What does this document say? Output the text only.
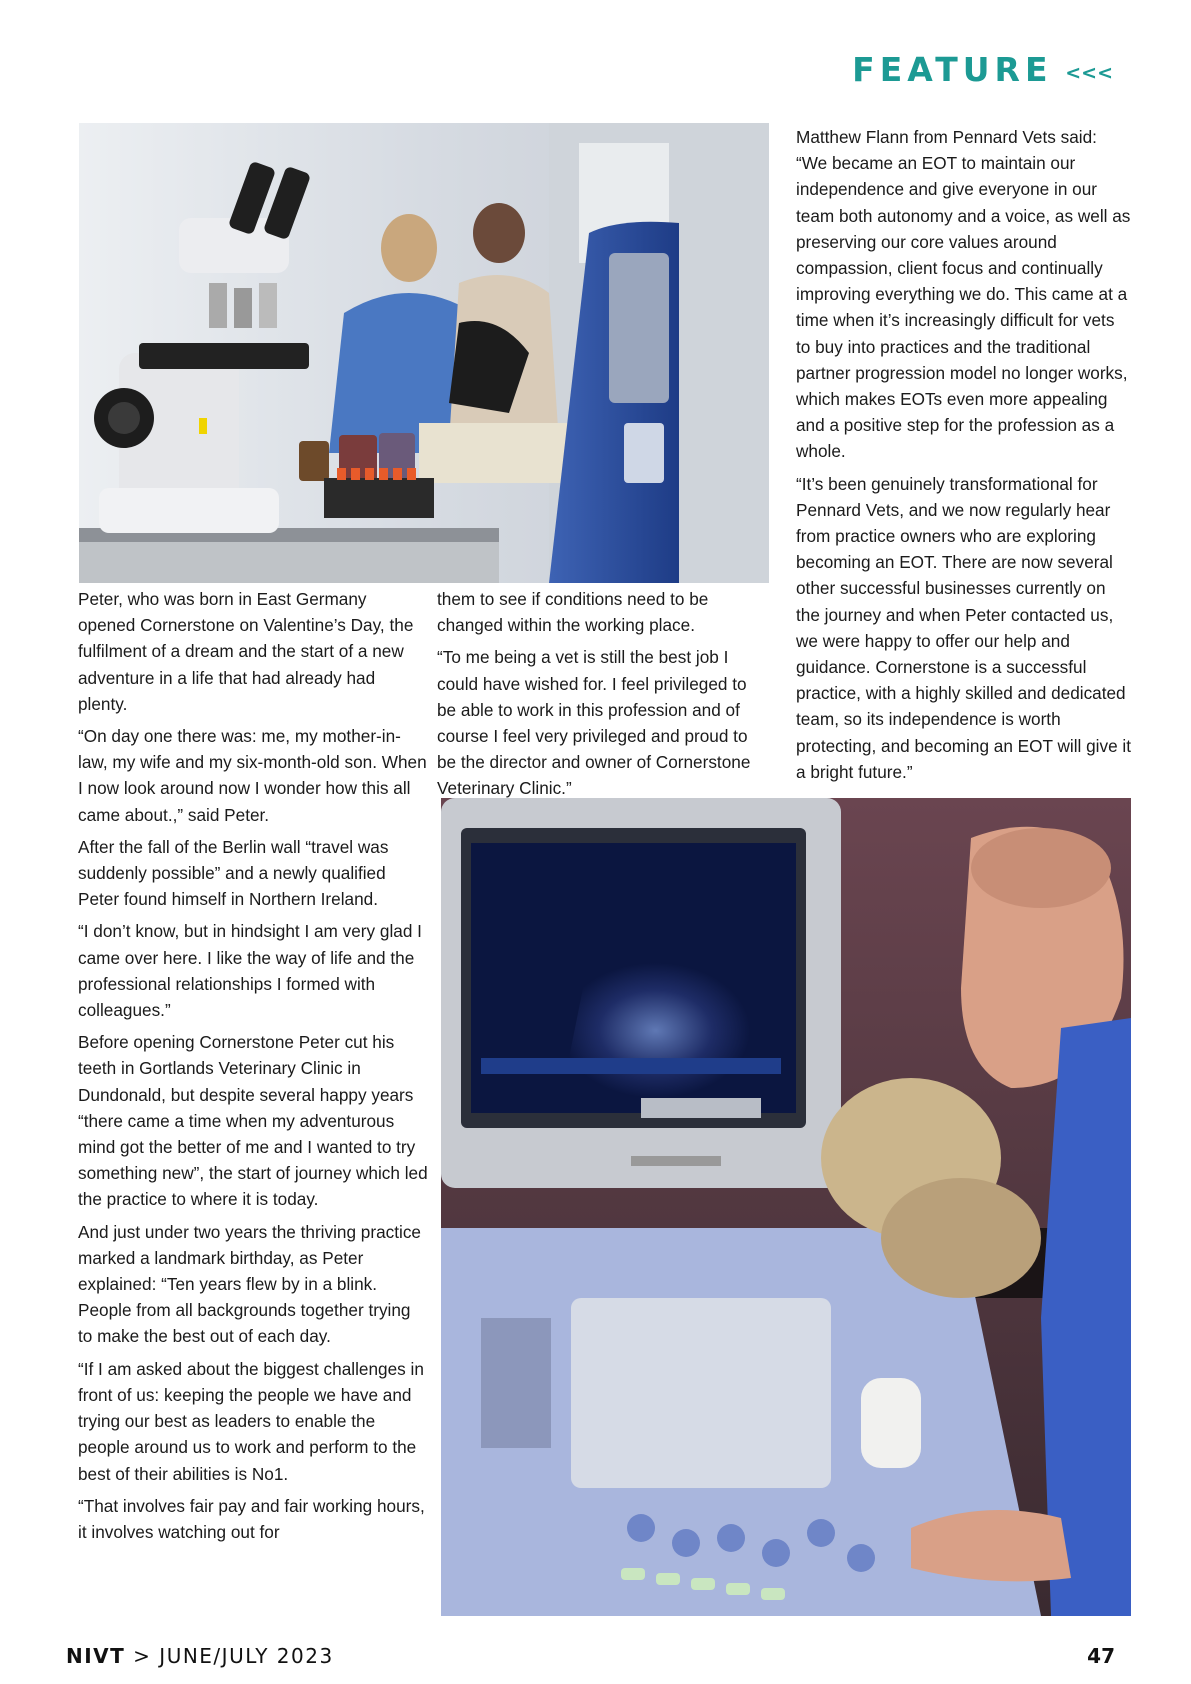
FEATURE <<<

Peter, who was born in East Germany opened Cornerstone on Valentine’s Day, the fulfilment of a dream and the start of a new adventure in a life that had already had plenty.

“On day one there was: me, my mother-in-law, my wife and my six-month-old son. When I now look around now I wonder how this all came about.,” said Peter.

After the fall of the Berlin wall “travel was suddenly possible” and a newly qualified Peter found himself in Northern Ireland.

“I don’t know, but in hindsight I am very glad I came over here. I like the way of life and the professional relationships I formed with colleagues.”

Before opening Cornerstone Peter cut his teeth in Gortlands Veterinary Clinic in Dundonald, but despite several happy years “there came a time when my adventurous mind got the better of me and I wanted to try something new”, the start of journey which led the practice to where it is today.

And just under two years the thriving practice marked a landmark birthday, as Peter explained: “Ten years flew by in a blink. People from all backgrounds together trying to make the best out of each day.

“If I am asked about the biggest challenges in front of us: keeping the people we have and trying our best as leaders to enable the people around us to work and perform to the best of their abilities is No1.

“That involves fair pay and fair working hours, it involves watching out for

them to see if conditions need to be changed within the working place.

“To me being a vet is still the best job I could have wished for. I feel privileged to be able to work in this profession and of course I feel very privileged and proud to be the director and owner of Cornerstone Veterinary Clinic.”

Matthew Flann from Pennard Vets said: “We became an EOT to maintain our independence and give everyone in our team both autonomy and a voice, as well as preserving our core values around compassion, client focus and continually improving everything we do. This came at a time when it’s increasingly difficult for vets to buy into practices and the traditional partner progression model no longer works, which makes EOTs even more appealing and a positive step for the profession as a whole.

“It’s been genuinely transformational for Pennard Vets, and we now regularly hear from practice owners who are exploring becoming an EOT. There are now several other successful businesses currently on the journey and when Peter contacted us, we were happy to offer our help and guidance. Cornerstone is a successful practice, with a highly skilled and dedicated team, so its independence is worth protecting, and becoming an EOT will give it a bright future.”

NIVT > JUNE/JULY 2023	47
